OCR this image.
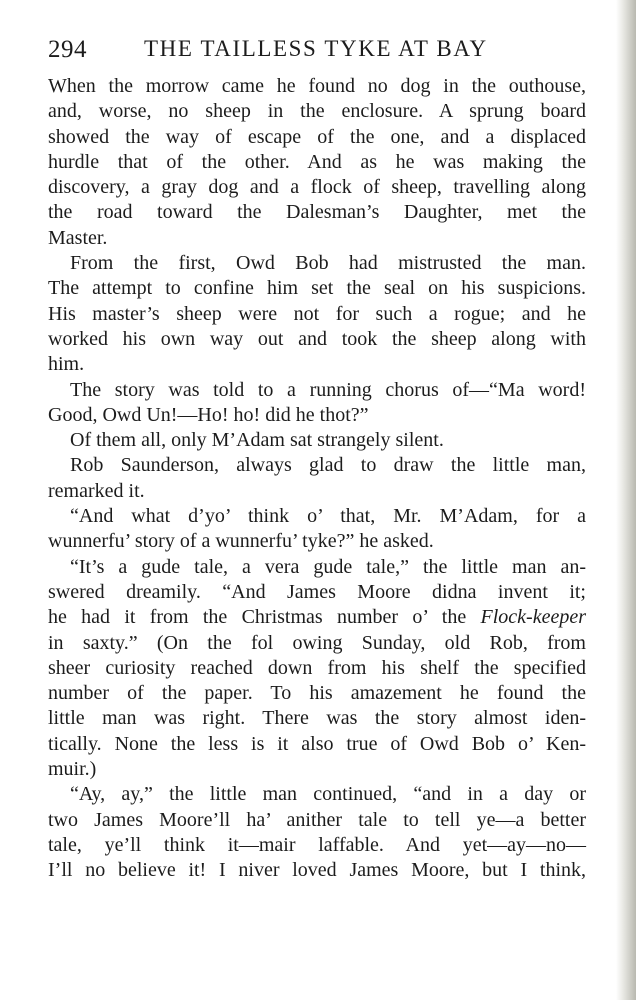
294 THE TAILLESS TYKE AT BAY
When the morrow came he found no dog in the outhouse,
and, worse, no sheep in the enclosure. A sprung board
showed the way of escape of the one, and a displaced
hurdle that of the other. And as he was making the
discovery, a gray dog and a flock of sheep, travelling along
the road toward the Dalesman’s Daughter, met the
Master.
From the first, Owd Bob had mistrusted the man.
The attempt to confine him set the seal on his suspicions.
His master’s sheep were not for such a rogue; and he
worked his own way out and took the sheep along with
him.
The story was told to a running chorus of—“Ma word!
Good, Owd Un!—Ho! ho! did he thot?”
Of them all, only M’Adam sat strangely silent.
Rob Saunderson, always glad to draw the little man,
remarked it.
“And what d’yo’ think o’ that, Mr. M’Adam, for a
wunnerfu’ story of a wunnerfu’ tyke?” he asked.
“It’s a gude tale, a vera gude tale,” the little man an-
swered dreamily. “And James Moore didna invent it;
he had it from the Christmas number o’ the Flock-keeper
in saxty.” (On the fol owing Sunday, old Rob, from
sheer curiosity reached down from his shelf the specified
number of the paper. To his amazement he found the
little man was right. There was the story almost iden-
tically. None the less is it also true of Owd Bob o’ Ken-
muir.)
“Ay, ay,” the little man continued, “and in a day or
two James Moore’ll ha’ anither tale to tell ye—a better
tale, ye’ll think it—mair laffable. And yet—ay—no—
I’ll no believe it! I niver loved James Moore, but I think,
